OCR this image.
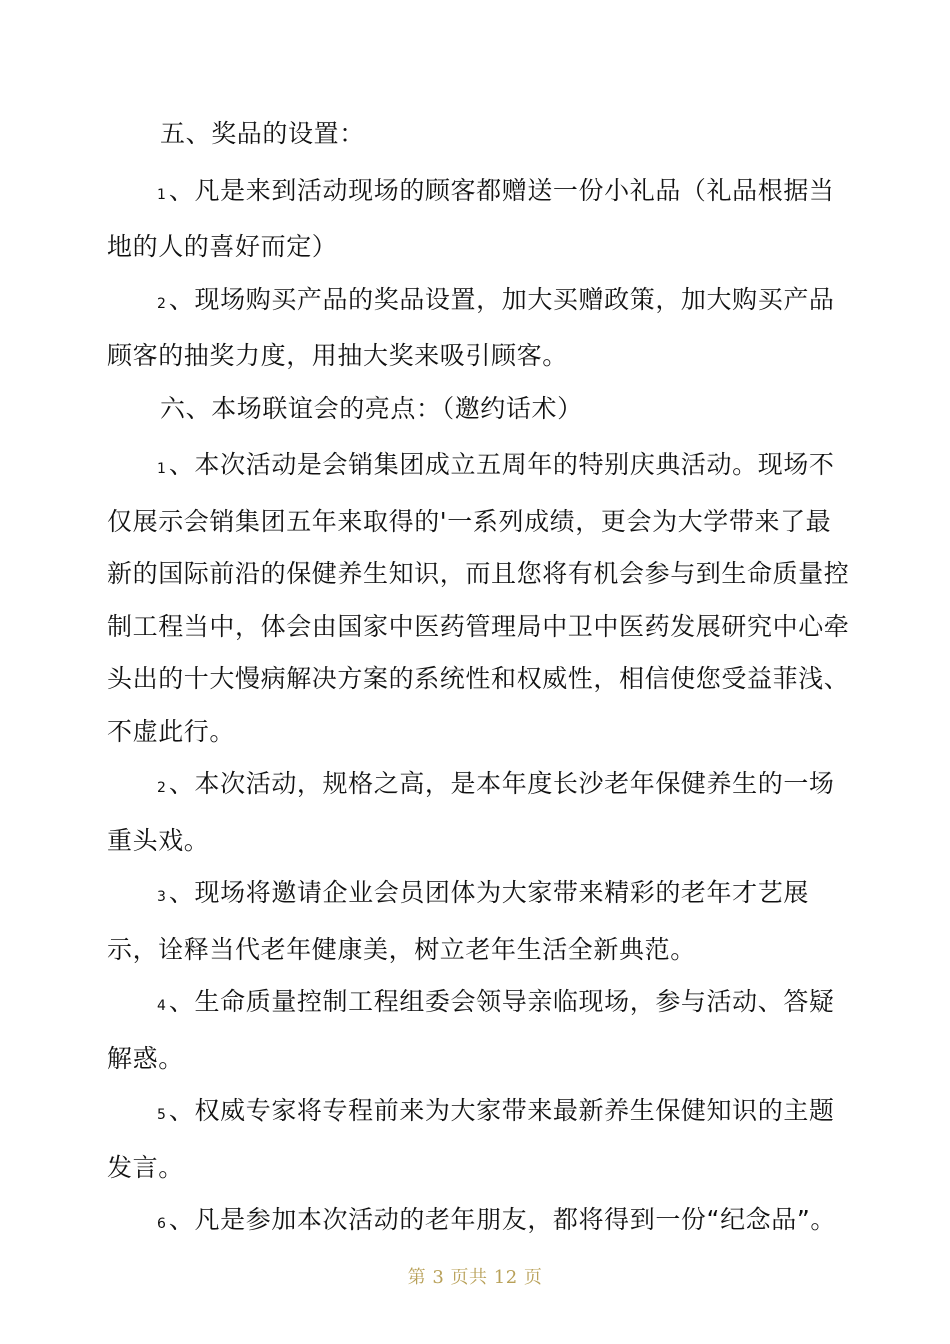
五、奖品的设置：

1 、凡是来到活动现场的顾客都赠送一份小礼品（礼品根据当地的人的喜好而定）

2 、现场购买产品的奖品设置，加大买赠政策，加大购买产品顾客的抽奖力度，用抽大奖来吸引顾客。

六、本场联谊会的亮点：（邀约话术）

1 、本次活动是会销集团成立五周年的特别庆典活动。现场不仅展示会销集团五年来取得的'一系列成绩，更会为大学带来了最新的国际前沿的保健养生知识，而且您将有机会参与到生命质量控制工程当中，体会由国家中医药管理局中卫中医药发展研究中心牵头出的十大慢病解决方案的系统性和权威性，相信使您受益菲浅、不虚此行。

2 、本次活动，规格之高，是本年度长沙老年保健养生的一场重头戏。

3 、现场将邀请企业会员团体为大家带来精彩的老年才艺展示，诠释当代老年健康美，树立老年生活全新典范。

4 、生命质量控制工程组委会领导亲临现场，参与活动、答疑解惑。

5 、权威专家将专程前来为大家带来最新养生保健知识的主题发言。

6 、凡是参加本次活动的老年朋友，都将得到一份“纪念品”。

第 3 页共 12 页
